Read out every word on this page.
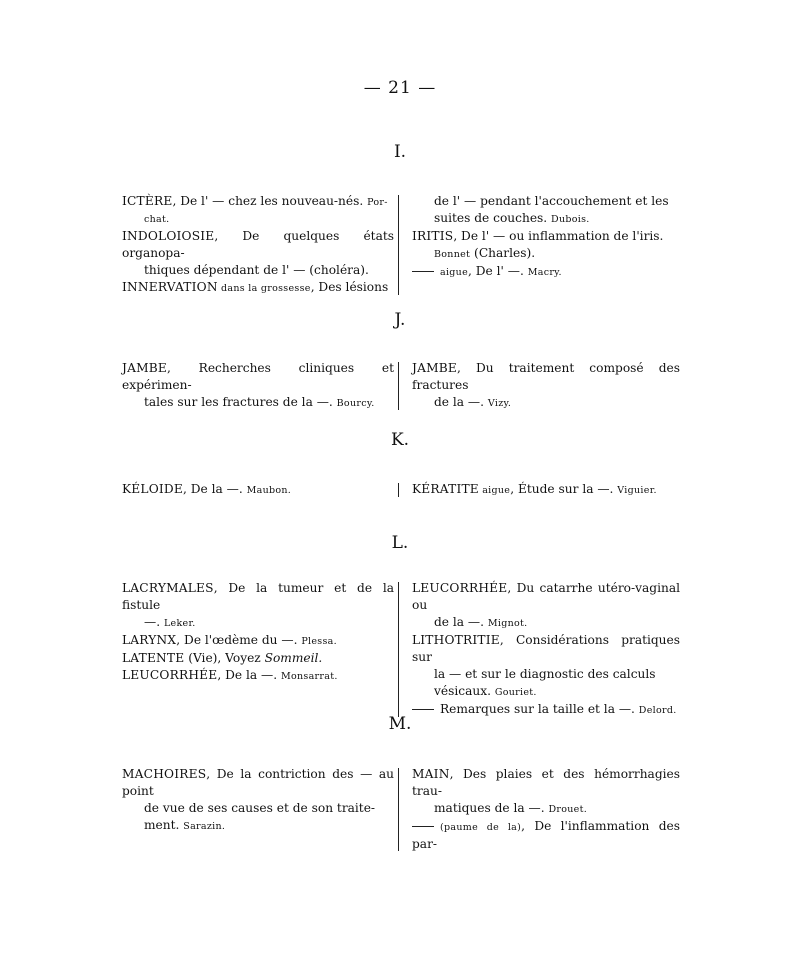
— 21 —
I.
ICTÈRE, De l' — chez les nouveau-nés. Por-
chat.
INDOLOIOSIE, De quelques états organopa-
thiques dépendant de l' — (choléra).
INNERVATION dans la grossesse, Des lésions
de l' — pendant l'accouchement et les
suites de couches. Dubois.
IRITIS, De l' — ou inflammation de l'iris.
Bonnet (Charles).
aigue, De l' —. Macry.
J.
JAMBE, Recherches cliniques et expérimen-
tales sur les fractures de la —. Bourcy.
JAMBE, Du traitement composé des fractures
de la —. Vizy.
K.
KÉLOIDE, De la —. Maubon.	KÉRATITE aigue, Étude sur la —. Viguier.
L.
LACRYMALES, De la tumeur et de la fistule
—. Leker.
LARYNX, De l'œdème du —. Plessa.
LATENTE (Vie), Voyez Sommeil.
LEUCORRHÉE, De la —. Monsarrat.
LEUCORRHÉE, Du catarrhe utéro-vaginal ou
de la —. Mignot.
LITHOTRITIE, Considérations pratiques sur
la — et sur le diagnostic des calculs
vésicaux. Gouriet.
Remarques sur la taille et la —. Delord.
M.
MACHOIRES, De la contriction des — au point
de vue de ses causes et de son traite-
ment. Sarazin.
MAIN, Des plaies et des hémorrhagies trau-
matiques de la —. Drouet.
(paume de la), De l'inflammation des par-
